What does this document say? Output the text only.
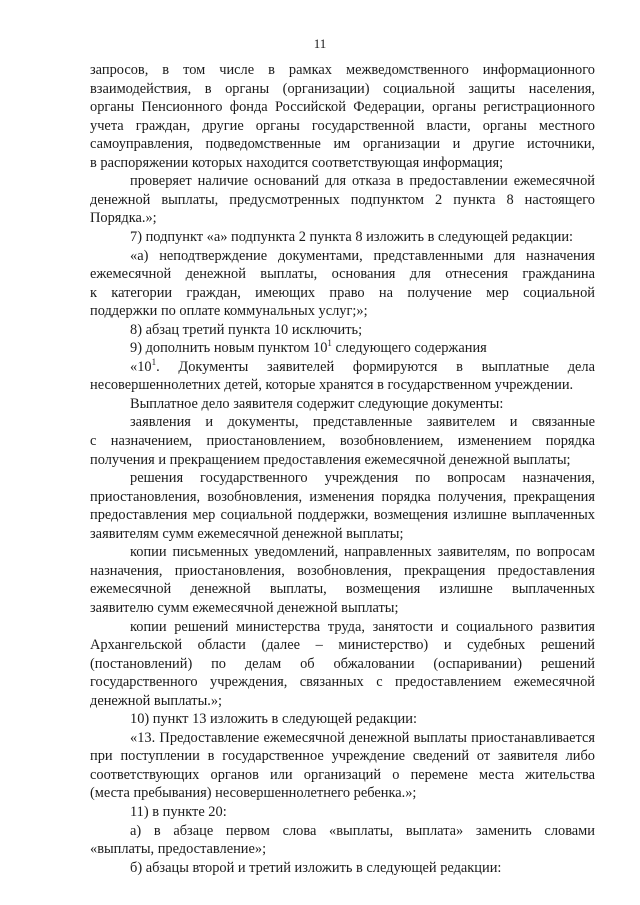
11
запросов, в том числе в рамках межведомственного информационного
взаимодействия, в органы (организации) социальной защиты населения,
органы Пенсионного фонда Российской Федерации, органы регистрационного
учета граждан, другие органы государственной власти, органы местного
самоуправления, подведомственные им организации и другие источники,
в распоряжении которых находится соответствующая информация;
проверяет наличие оснований для отказа в предоставлении ежемесячной
денежной выплаты, предусмотренных подпунктом 2 пункта 8 настоящего
Порядка.»;
7) подпункт «а» подпункта 2 пункта 8 изложить в следующей редакции:
«а) неподтверждение документами, представленными для назначения
ежемесячной денежной выплаты, основания для отнесения гражданина
к категории граждан, имеющих право на получение мер социальной
поддержки по оплате коммунальных услуг;»;
8) абзац третий пункта 10 исключить;
9) дополнить новым пунктом $10^1$ следующего содержания
«$10^1$. Документы заявителей формируются в выплатные дела
несовершеннолетних детей, которые хранятся в государственном учреждении.
Выплатное дело заявителя содержит следующие документы:
заявления и документы, представленные заявителем и связанные
с назначением, приостановлением, возобновлением, изменением порядка
получения и прекращением предоставления ежемесячной денежной выплаты;
решения государственного учреждения по вопросам назначения,
приостановления, возобновления, изменения порядка получения, прекращения
предоставления мер социальной поддержки, возмещения излишне выплаченных
заявителям сумм ежемесячной денежной выплаты;
копии письменных уведомлений, направленных заявителям, по вопросам
назначения, приостановления, возобновления, прекращения предоставления
ежемесячной денежной выплаты, возмещения излишне выплаченных
заявителю сумм ежемесячной денежной выплаты;
копии решений министерства труда, занятости и социального развития
Архангельской области (далее – министерство) и судебных решений
(постановлений) по делам об обжаловании (оспаривании) решений
государственного учреждения, связанных с предоставлением ежемесячной
денежной выплаты.»;
10) пункт 13 изложить в следующей редакции:
«13. Предоставление ежемесячной денежной выплаты приостанавливается
при поступлении в государственное учреждение сведений от заявителя либо
соответствующих органов или организаций о перемене места жительства
(места пребывания) несовершеннолетнего ребенка.»;
11) в пункте 20:
а) в абзаце первом слова «выплаты, выплата» заменить словами
«выплаты, предоставление»;
б) абзацы второй и третий изложить в следующей редакции:
